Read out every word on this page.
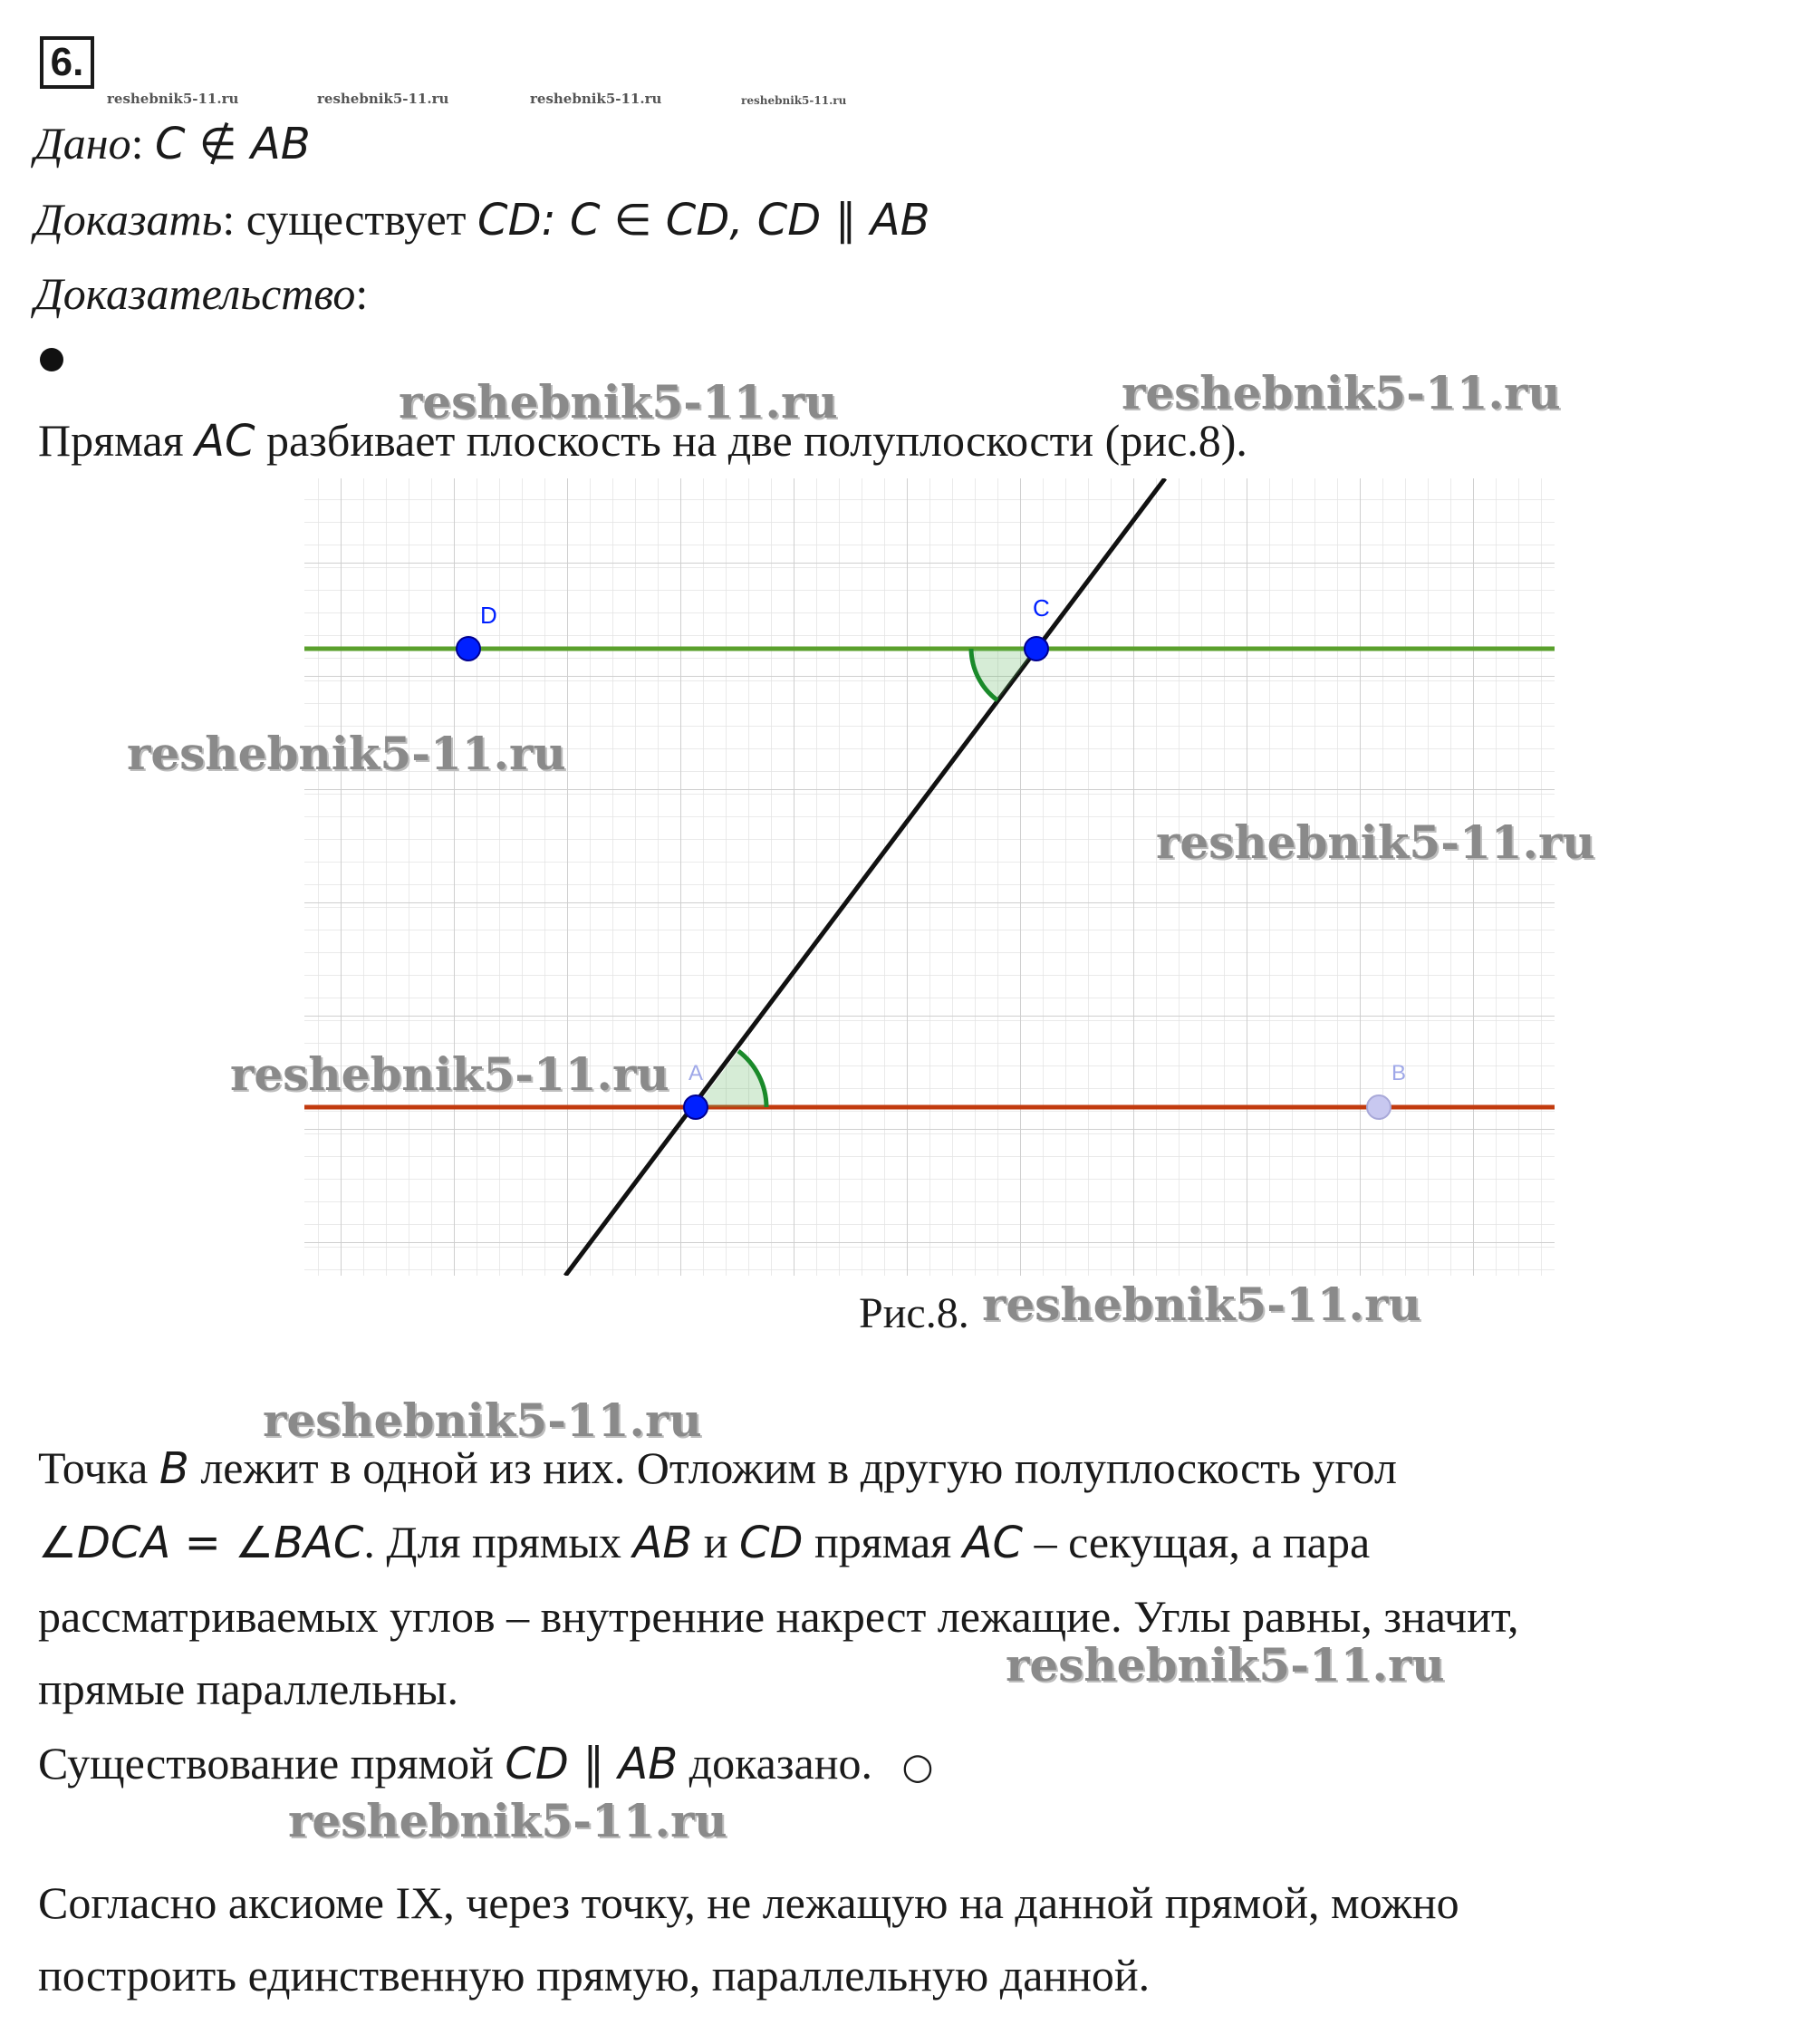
6.
reshebnik5-11.ru	reshebnik5-11.ru	reshebnik5-11.ru	reshebnik5-11.ru
Дано: C ∉ AB
Доказать: существует CD: C ∈ CD, CD ∥ AB
Доказательство:
reshebnik5-11.ru	reshebnik5-11.ru
Прямая AC разбивает плоскость на две полуплоскости (рис.8).
D	C
A	B
reshebnik5-11.ru
reshebnik5-11.ru
reshebnik5-11.ru
Рис.8. reshebnik5-11.ru
reshebnik5-11.ru
Точка B лежит в одной из них. Отложим в другую полуплоскость угол
∠DCA = ∠BAC. Для прямых AB и CD прямая AC – секущая, а пара
рассматриваемых углов – внутренние накрест лежащие. Углы равны, значит,
прямые параллельны.	reshebnik5-11.ru
Существование прямой CD ∥ AB доказано. ○
reshebnik5-11.ru
Согласно аксиоме IX, через точку, не лежащую на данной прямой, можно
построить единственную прямую, параллельную данной.
